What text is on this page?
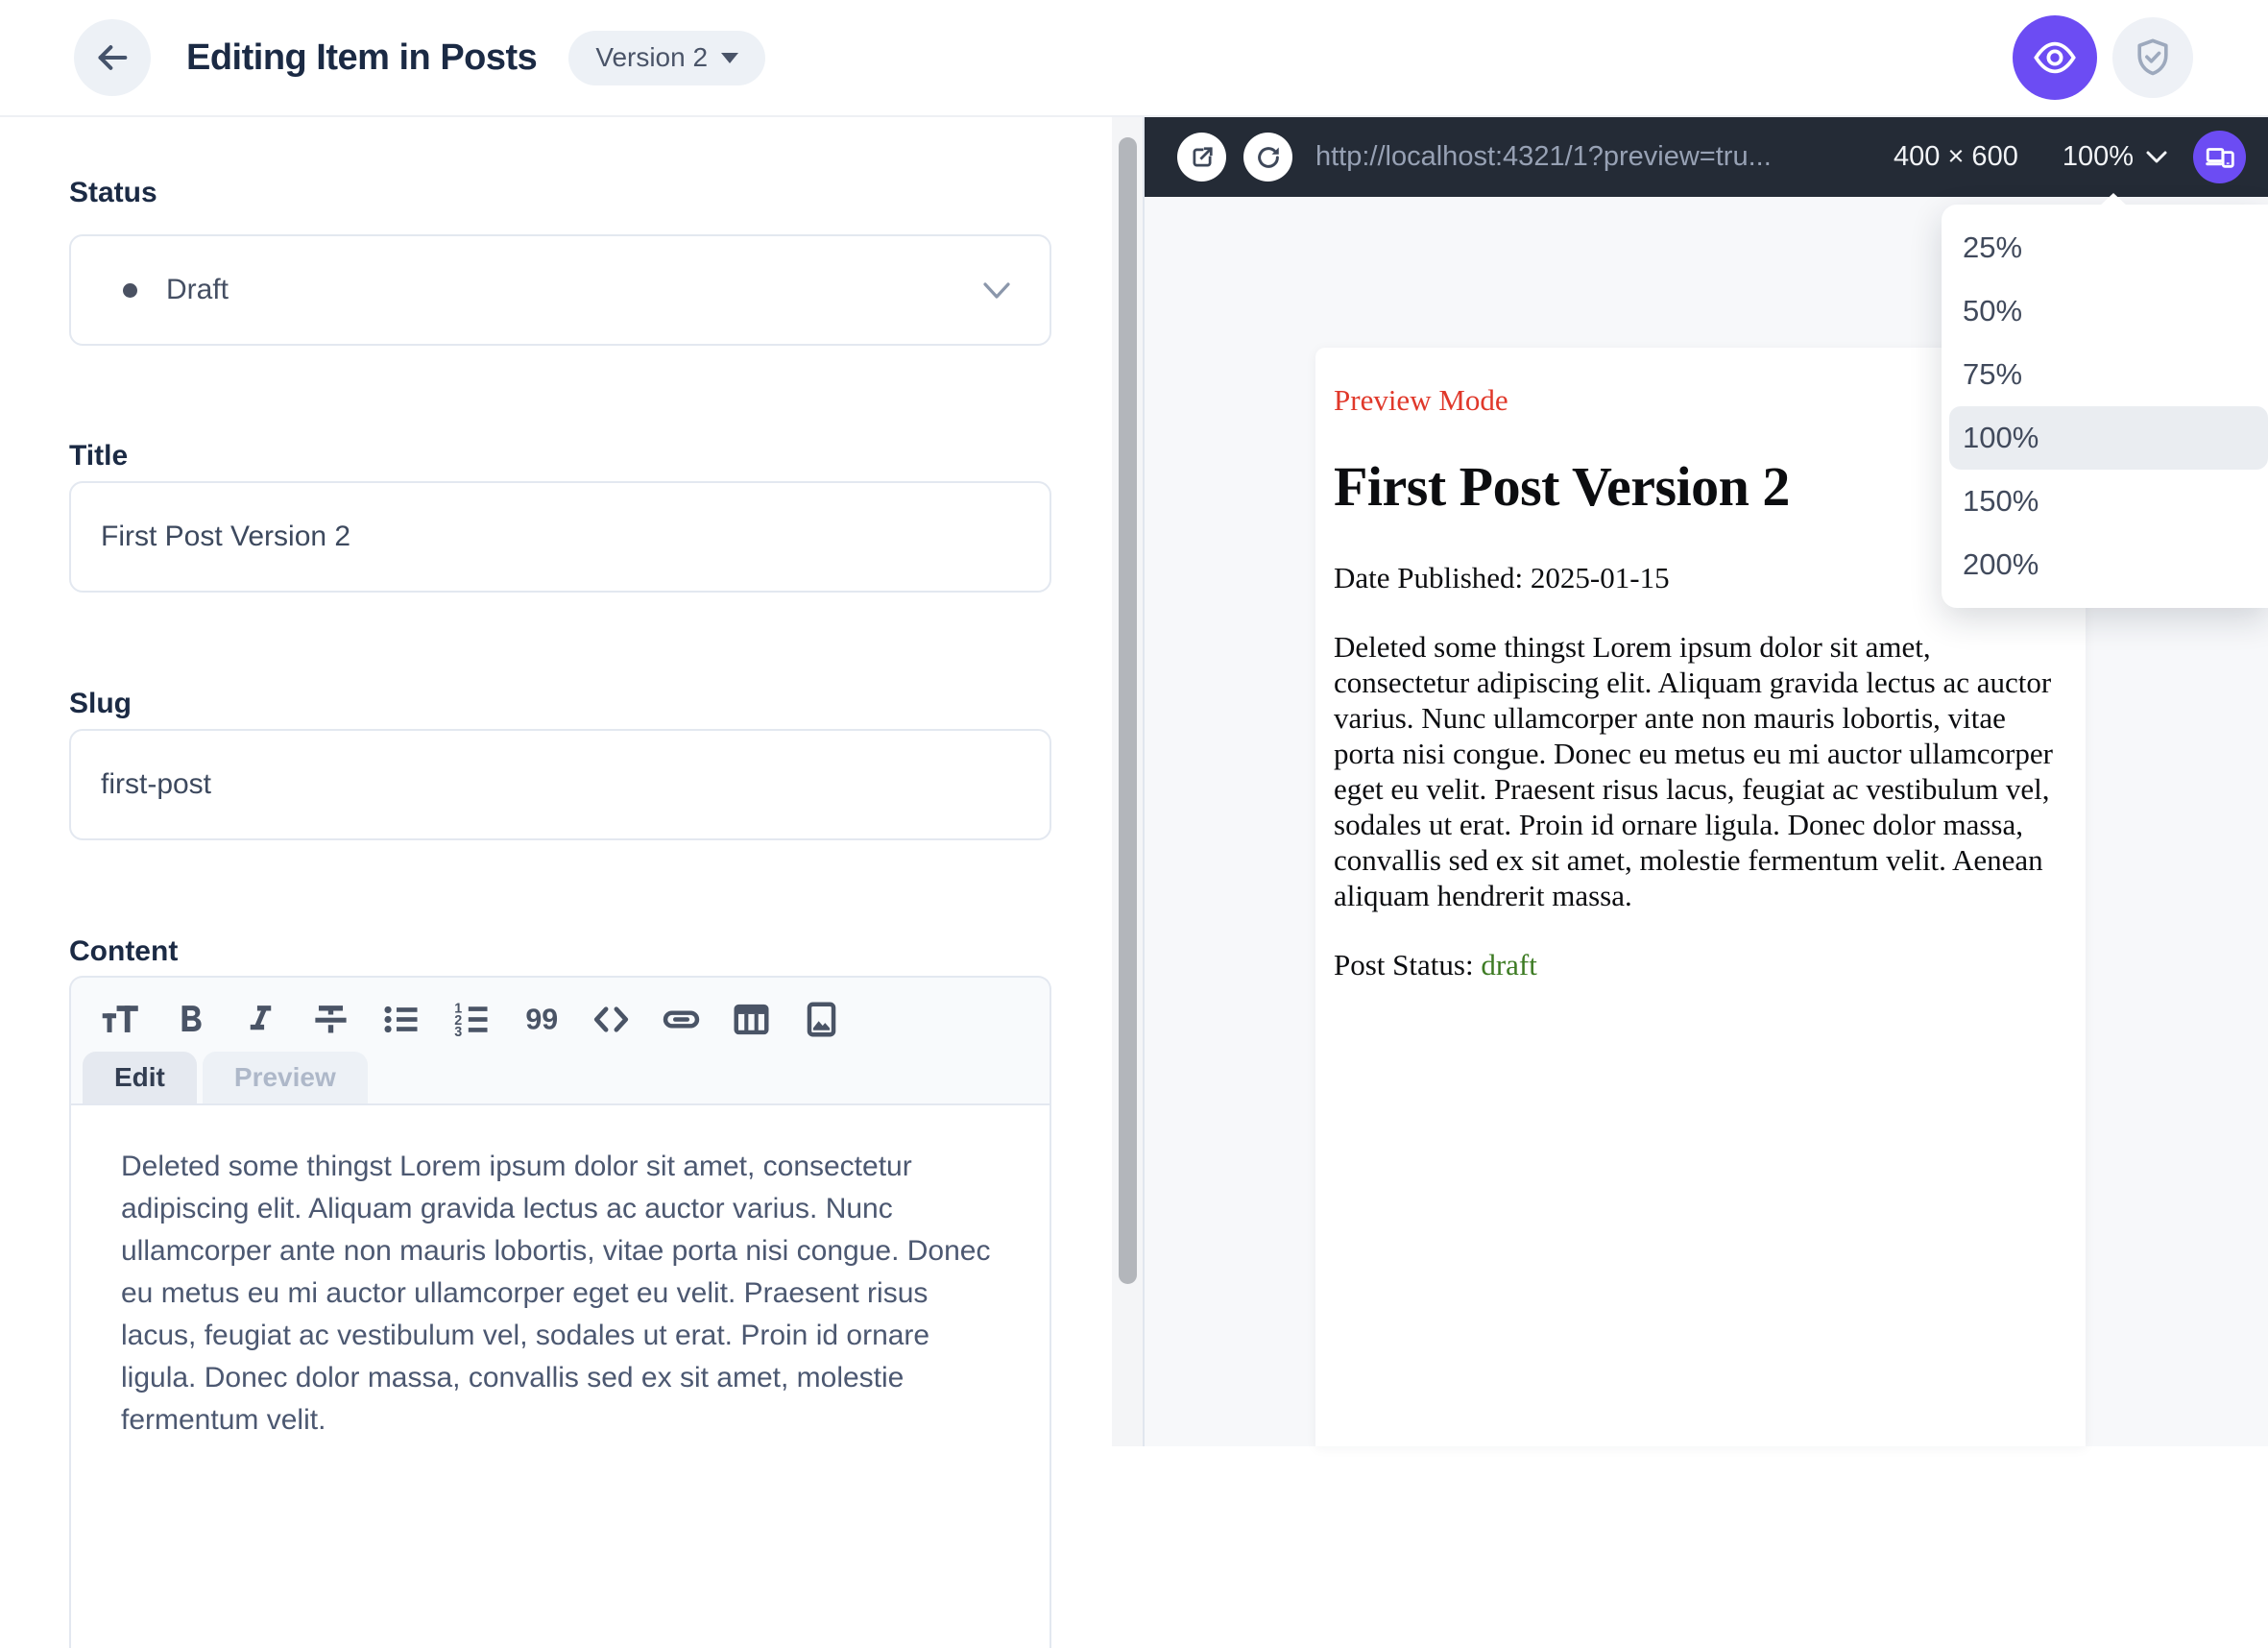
Editing Item in Posts Version 2
Status
Draft
Title
First Post Version 2
Slug
first-post
Content
1
2
3	99
Edit	Preview
Deleted some thingst Lorem ipsum dolor sit amet, consectetur adipiscing elit. Aliquam gravida lectus ac auctor varius. Nunc ullamcorper ante non mauris lobortis, vitae porta nisi congue. Donec eu metus eu mi auctor ullamcorper eget eu velit. Praesent risus lacus, feugiat ac vestibulum vel, sodales ut erat. Proin id ornare ligula. Donec dolor massa, convallis sed ex sit amet, molestie fermentum velit.
http://localhost:4321/1?preview=tru...	400 × 600 100%
Preview Mode
First Post Version 2
Date Published: 2025-01-15
Deleted some thingst Lorem ipsum dolor sit amet, consectetur adipiscing elit. Aliquam gravida lectus ac auctor varius. Nunc ullamcorper ante non mauris lobortis, vitae porta nisi congue. Donec eu metus eu mi auctor ullamcorper eget eu velit. Praesent risus lacus, feugiat ac vestibulum vel, sodales ut erat. Proin id ornare ligula. Donec dolor massa, convallis sed ex sit amet, molestie fermentum velit. Aenean aliquam hendrerit massa.
Post Status: draft
25%
50%
75%
100%
150%
200%
